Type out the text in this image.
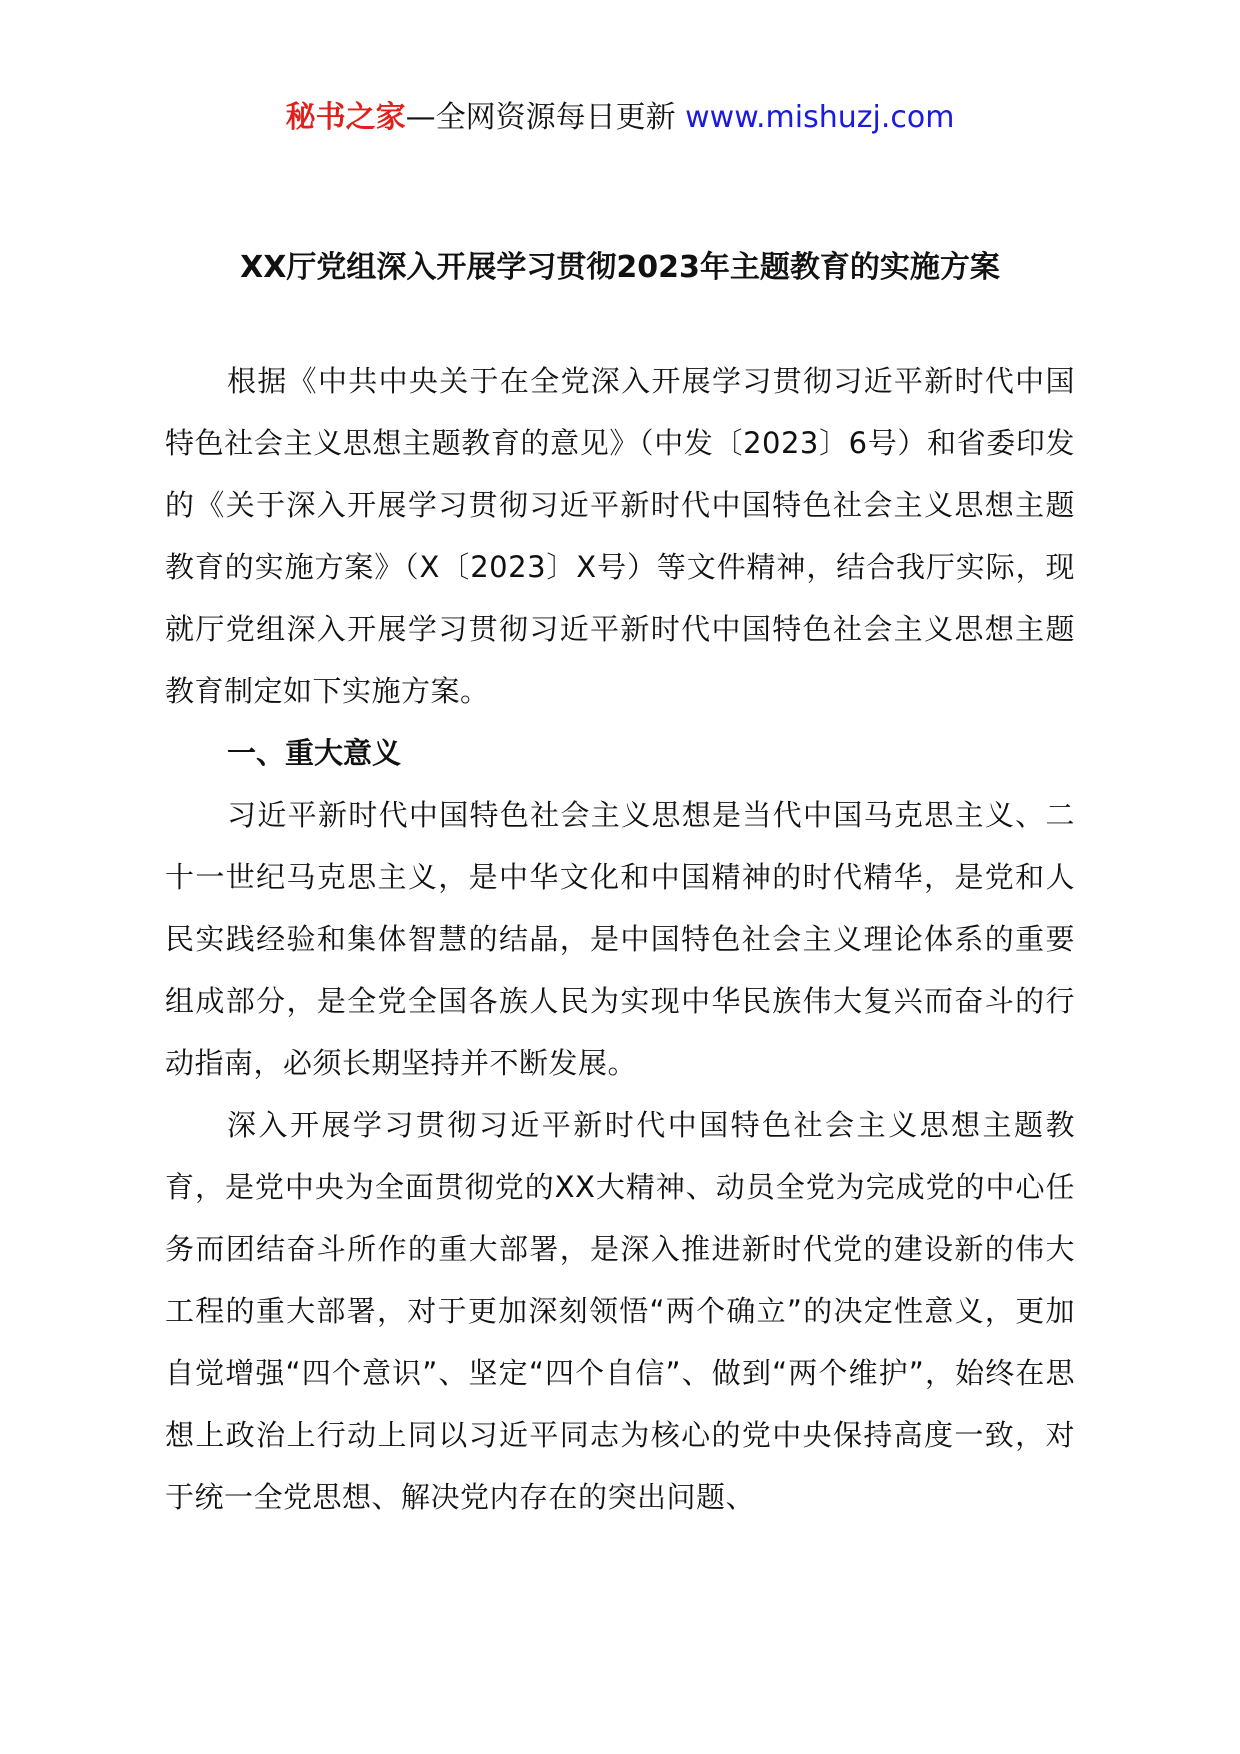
秘书之家—全网资源每日更新 www.mishuzj.com
XX厅党组深入开展学习贯彻2023年主题教育的实施方案

根据《中共中央关于在全党深入开展学习贯彻习近平新时代中国特色社会主义思想主题教育的意见》（中发〔2023〕6号）和省委印发的《关于深入开展学习贯彻习近平新时代中国特色社会主义思想主题教育的实施方案》（X〔2023〕X号）等文件精神，结合我厅实际，现就厅党组深入开展学习贯彻习近平新时代中国特色社会主义思想主题教育制定如下实施方案。

一、重大意义

习近平新时代中国特色社会主义思想是当代中国马克思主义、二十一世纪马克思主义，是中华文化和中国精神的时代精华，是党和人民实践经验和集体智慧的结晶，是中国特色社会主义理论体系的重要组成部分，是全党全国各族人民为实现中华民族伟大复兴而奋斗的行动指南，必须长期坚持并不断发展。

深入开展学习贯彻习近平新时代中国特色社会主义思想主题教育，是党中央为全面贯彻党的XX大精神、动员全党为完成党的中心任务而团结奋斗所作的重大部署，是深入推进新时代党的建设新的伟大工程的重大部署，对于更加深刻领悟“两个确立”的决定性意义，更加自觉增强“四个意识”、坚定“四个自信”、做到“两个维护”，始终在思想上政治上行动上同以习近平同志为核心的党中央保持高度一致，对于统一全党思想、解决党内存在的突出问题、
